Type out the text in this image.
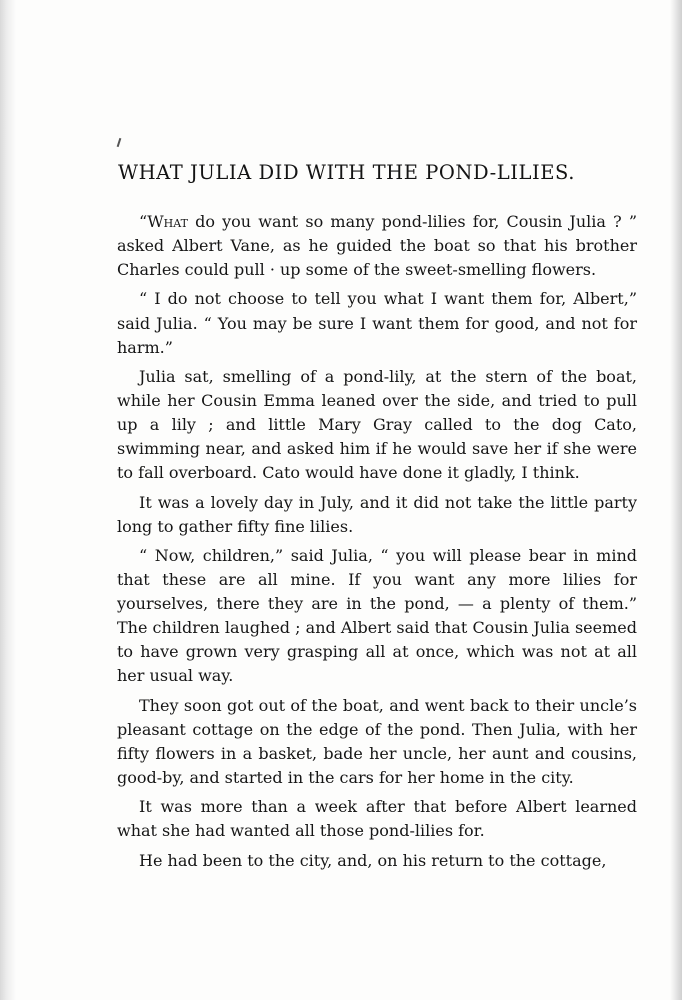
WHAT JULIA DID WITH THE POND-LILIES.

“What do you want so many pond-lilies for, Cousin Julia ? ” asked Albert Vane, as he guided the boat so that his brother Charles could pull · up some of the sweet-smelling flowers.

“ I do not choose to tell you what I want them for, Albert,” said Julia. “ You may be sure I want them for good, and not for harm.”

Julia sat, smelling of a pond-lily, at the stern of the boat, while her Cousin Emma leaned over the side, and tried to pull up a lily ; and little Mary Gray called to the dog Cato, swimming near, and asked him if he would save her if she were to fall overboard. Cato would have done it gladly, I think.

It was a lovely day in July, and it did not take the little party long to gather fifty fine lilies.

“ Now, children,” said Julia, “ you will please bear in mind that these are all mine. If you want any more lilies for yourselves, there they are in the pond, — a plenty of them.” The children laughed ; and Albert said that Cousin Julia seemed to have grown very grasping all at once, which was not at all her usual way.

They soon got out of the boat, and went back to their uncle’s pleasant cottage on the edge of the pond. Then Julia, with her fifty flowers in a basket, bade her uncle, her aunt and cousins, good-by, and started in the cars for her home in the city.

It was more than a week after that before Albert learned what she had wanted all those pond-lilies for.

He had been to the city, and, on his return to the cottage,
